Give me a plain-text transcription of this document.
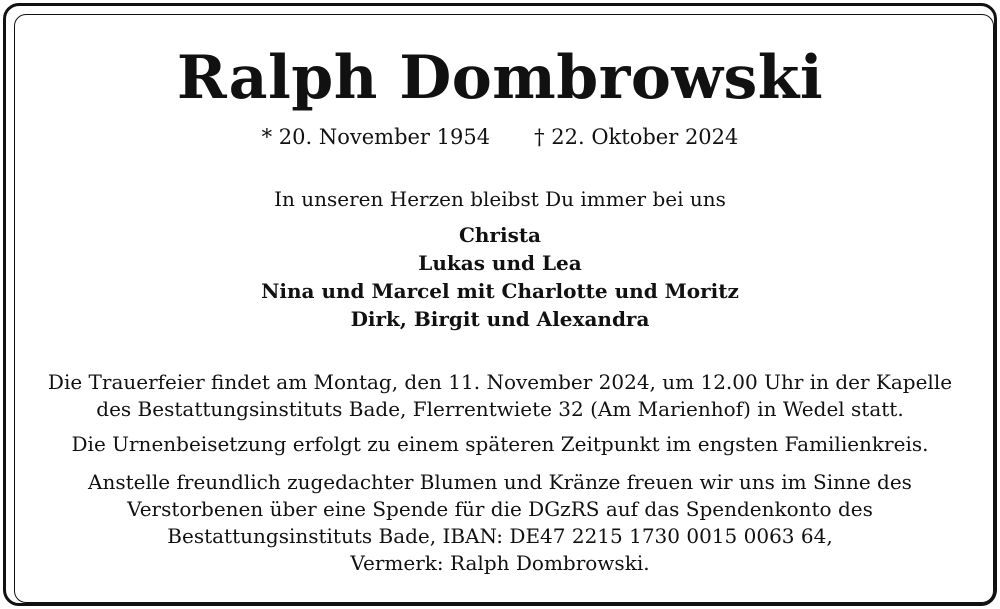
Ralph Dombrowski
* 20. November 1954 † 22. Oktober 2024
In unseren Herzen bleibst Du immer bei uns
Christa
Lukas und Lea
Nina und Marcel mit Charlotte und Moritz
Dirk, Birgit und Alexandra
Die Trauerfeier findet am Montag, den 11. November 2024, um 12.00 Uhr in der Kapelle
des Bestattungsinstituts Bade, Flerrentwiete 32 (Am Marienhof) in Wedel statt.
Die Urnenbeisetzung erfolgt zu einem späteren Zeitpunkt im engsten Familienkreis.
Anstelle freundlich zugedachter Blumen und Kränze freuen wir uns im Sinne des
Verstorbenen über eine Spende für die DGzRS auf das Spendenkonto des
Bestattungsinstituts Bade, IBAN: DE47 2215 1730 0015 0063 64,
Vermerk: Ralph Dombrowski.
